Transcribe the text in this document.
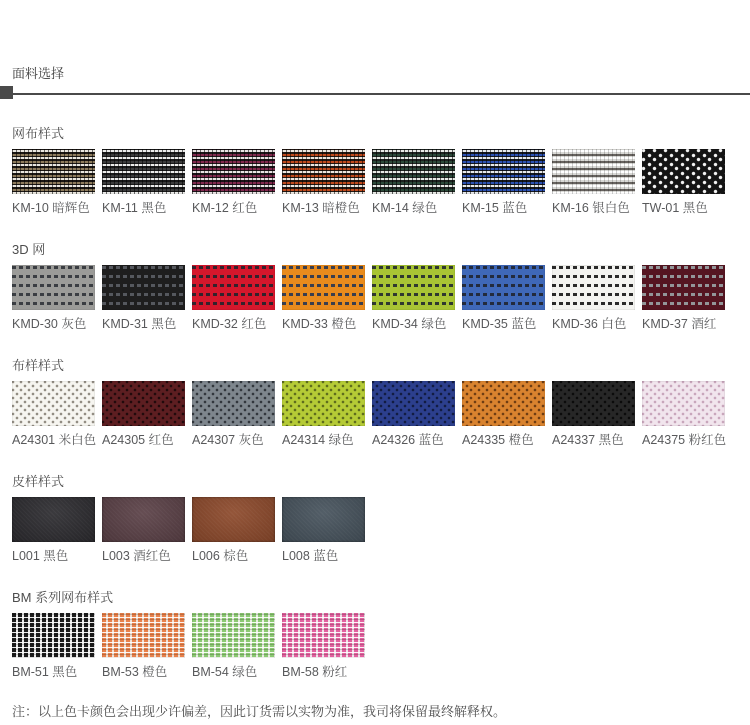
面料选择
网布样式
KM-10 暗辉色 KM-11 黑色	KM-12 红色	KM-13 暗橙色 KM-14 绿色	KM-15 蓝色	KM-16 银白色 TW-01 黑色
3D 网
KMD-30 灰色	KMD-31 黑色	KMD-32 红色	KMD-33 橙色	KMD-34 绿色	KMD-35 蓝色	KMD-36 白色	KMD-37 酒红
布样样式
A24301 米白色 A24305 红色	A24307 灰色	A24314 绿色	A24326 蓝色	A24335 橙色	A24337 黑色	A24375 粉红色
皮样样式
L001 黑色	L003 酒红色	L006 棕色	L008 蓝色
BM 系列网布样式
BM-51 黑色	BM-53 橙色	BM-54 绿色	BM-58 粉红
注：以上色卡颜色会出现少许偏差，因此订货需以实物为准，我司将保留最终解释权。
